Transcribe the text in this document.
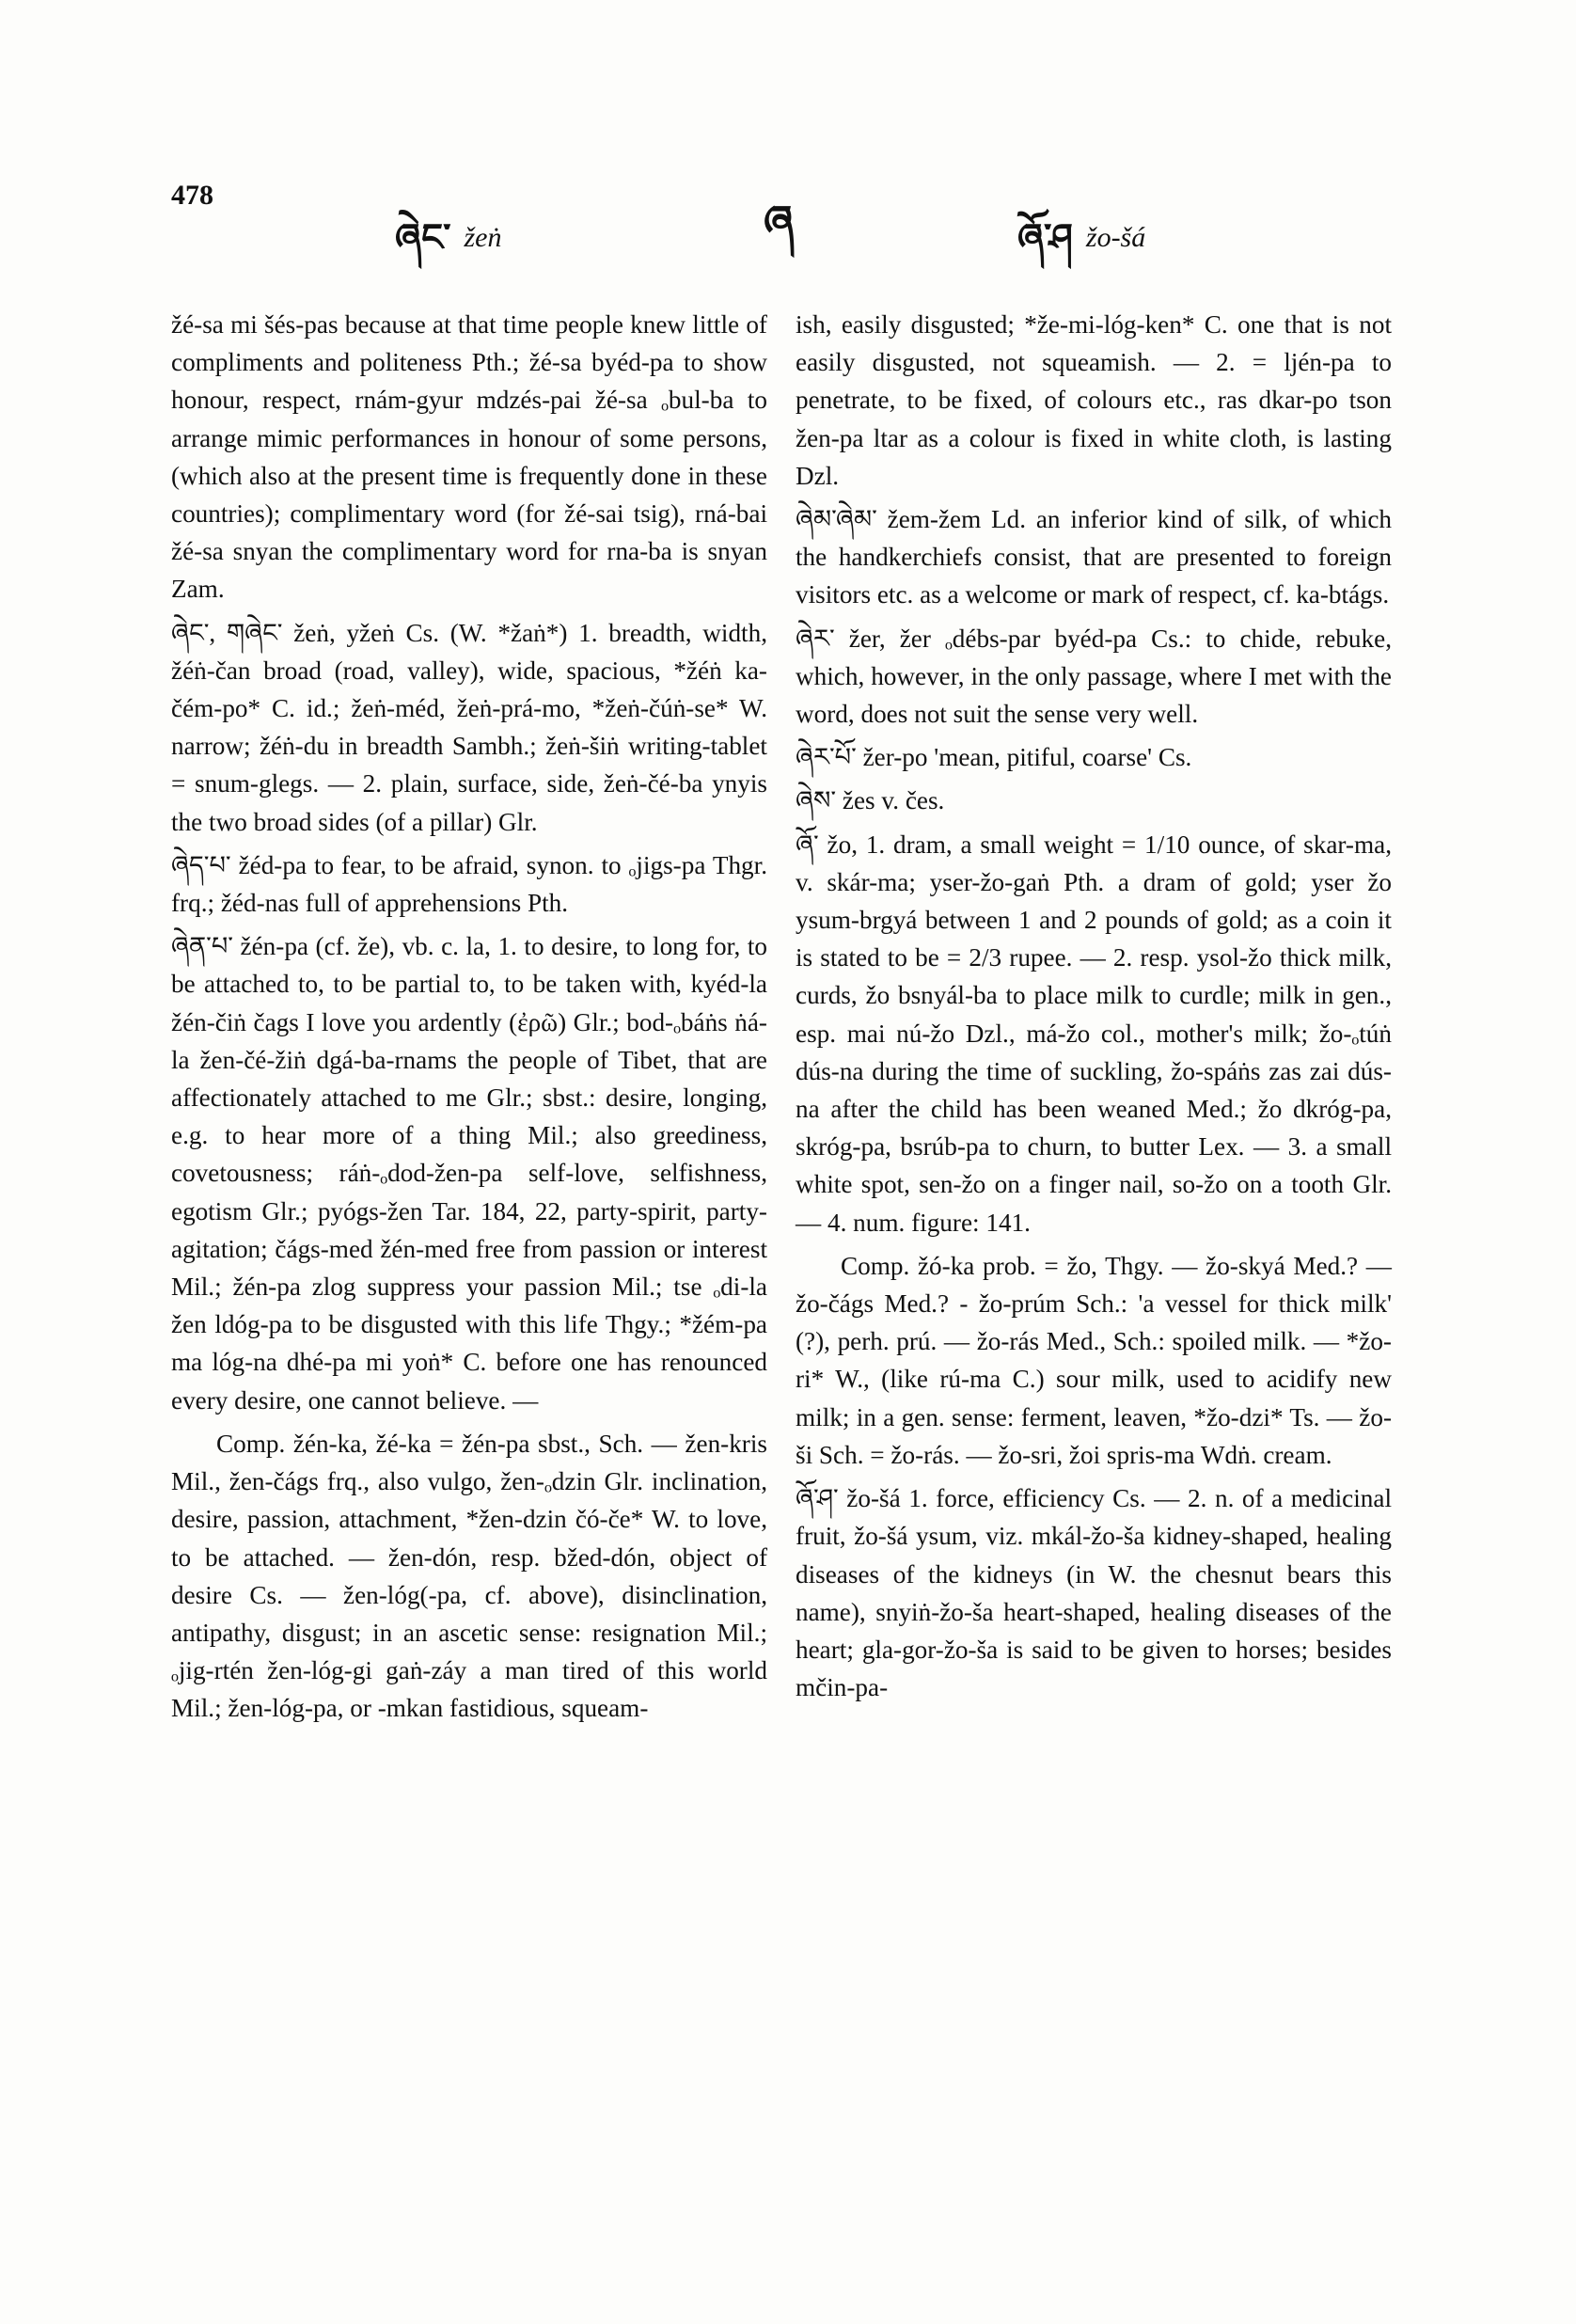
478
ཞེང་ žeṅ	ཞ	ཞོ་ཤ žo-šá

žé-sa mi šés-pas because at that time people knew little of compliments and politeness Pth.; žé-sa byéd-pa to show honour, respect, rnám-gyur mdzés-pai žé-sa ₒbul-ba to arrange mimic performances in honour of some persons, (which also at the present time is frequently done in these countries); complimentary word (for žé-sai tsig), rná-bai žé-sa snyan the complimentary word for rna-ba is snyan Zam.

ཞེང་, གཞེང་ žeṅ, yžeṅ Cs. (W. *žaṅ*) 1. breadth, width, žéṅ-čan broad (road, valley), wide, spacious, *žéṅ ka-čém-po* C. id.; žeṅ-méd, žeṅ-prá-mo, *žeṅ-čúṅ-se* W. narrow; žéṅ-du in breadth Sambh.; žeṅ-šiṅ writing-tablet = snum-glegs. — 2. plain, surface, side, žeṅ-čé-ba ynyis the two broad sides (of a pillar) Glr.

ཞེད་པ་ žéd-pa to fear, to be afraid, synon. to ₒjigs-pa Thgr. frq.; žéd-nas full of apprehensions Pth.

ཞེན་པ་ žén-pa (cf. že), vb. c. la, 1. to desire, to long for, to be attached to, to be partial to, to be taken with, kyéd-la žén-čiṅ čags I love you ardently (ἐρῶ) Glr.; bod-ₒbáṅs ṅá-la žen-čé-žiṅ dgá-ba-rnams the people of Tibet, that are affectionately attached to me Glr.; sbst.: desire, longing, e.g. to hear more of a thing Mil.; also greediness, covetousness; ráṅ-ₒdod-žen-pa self-love, selfishness, egotism Glr.; pyógs-žen Tar. 184, 22, party-spirit, party-agitation; čágs-med žén-med free from passion or interest Mil.; žén-pa zlog suppress your passion Mil.; tse ₒdi-la žen ldóg-pa to be disgusted with this life Thgy.; *žém-pa ma lóg-na dhé-pa mi yoṅ* C. before one has renounced every desire, one cannot believe. —

Comp. žén-ka, žé-ka = žén-pa sbst., Sch. — žen-kris Mil., žen-čágs frq., also vulgo, žen-ₒdzin Glr. inclination, desire, passion, attachment, *žen-dzin čó-če* W. to love, to be attached. — žen-dón, resp. bžed-dón, object of desire Cs. — žen-lóg(-pa, cf. above), disinclination, antipathy, disgust; in an ascetic sense: resignation Mil.; ₒjig-rtén žen-lóg-gi gaṅ-záy a man tired of this world Mil.; žen-lóg-pa, or -mkan fastidious, squeam-

ish, easily disgusted; *že-mi-lóg-ken* C. one that is not easily disgusted, not squeamish. — 2. = ljén-pa to penetrate, to be fixed, of colours etc., ras dkar-po tson žen-pa ltar as a colour is fixed in white cloth, is lasting Dzl.

ཞེམ་ཞེམ་ žem-žem Ld. an inferior kind of silk, of which the handkerchiefs consist, that are presented to foreign visitors etc. as a welcome or mark of respect, cf. ka-btágs.

ཞེར་ žer, žer ₒdébs-par byéd-pa Cs.: to chide, rebuke, which, however, in the only passage, where I met with the word, does not suit the sense very well.

ཞེར་པོ་ žer-po 'mean, pitiful, coarse' Cs.

ཞེས་ žes v. čes.

ཞོ་ žo, 1. dram, a small weight = 1/10 ounce, of skar-ma, v. skár-ma; yser-žo-gaṅ Pth. a dram of gold; yser žo ysum-brgyá between 1 and 2 pounds of gold; as a coin it is stated to be = 2/3 rupee. — 2. resp. ysol-žo thick milk, curds, žo bsnyál-ba to place milk to curdle; milk in gen., esp. mai nú-žo Dzl., má-žo col., mother's milk; žo-ₒtúṅ dús-na during the time of suckling, žo-spáṅs zas zai dús-na after the child has been weaned Med.; žo dkróg-pa, skróg-pa, bsrúb-pa to churn, to butter Lex. — 3. a small white spot, sen-žo on a finger nail, so-žo on a tooth Glr. — 4. num. figure: 141.

Comp. žó-ka prob. = žo, Thgy. — žo-skyá Med.? — žo-čágs Med.? - žo-prúm Sch.: 'a vessel for thick milk' (?), perh. prú. — žo-rás Med., Sch.: spoiled milk. — *žo-ri* W., (like rú-ma C.) sour milk, used to acidify new milk; in a gen. sense: ferment, leaven, *žo-dzi* Ts. — žo-ši Sch. = žo-rás. — žo-sri, žoi spris-ma Wdṅ. cream.

ཞོ་ཤ་ žo-šá 1. force, efficiency Cs. — 2. n. of a medicinal fruit, žo-šá ysum, viz. mkál-žo-ša kidney-shaped, healing diseases of the kidneys (in W. the chesnut bears this name), snyiṅ-žo-ša heart-shaped, healing diseases of the heart; gla-gor-žo-ša is said to be given to horses; besides mčin-pa-
